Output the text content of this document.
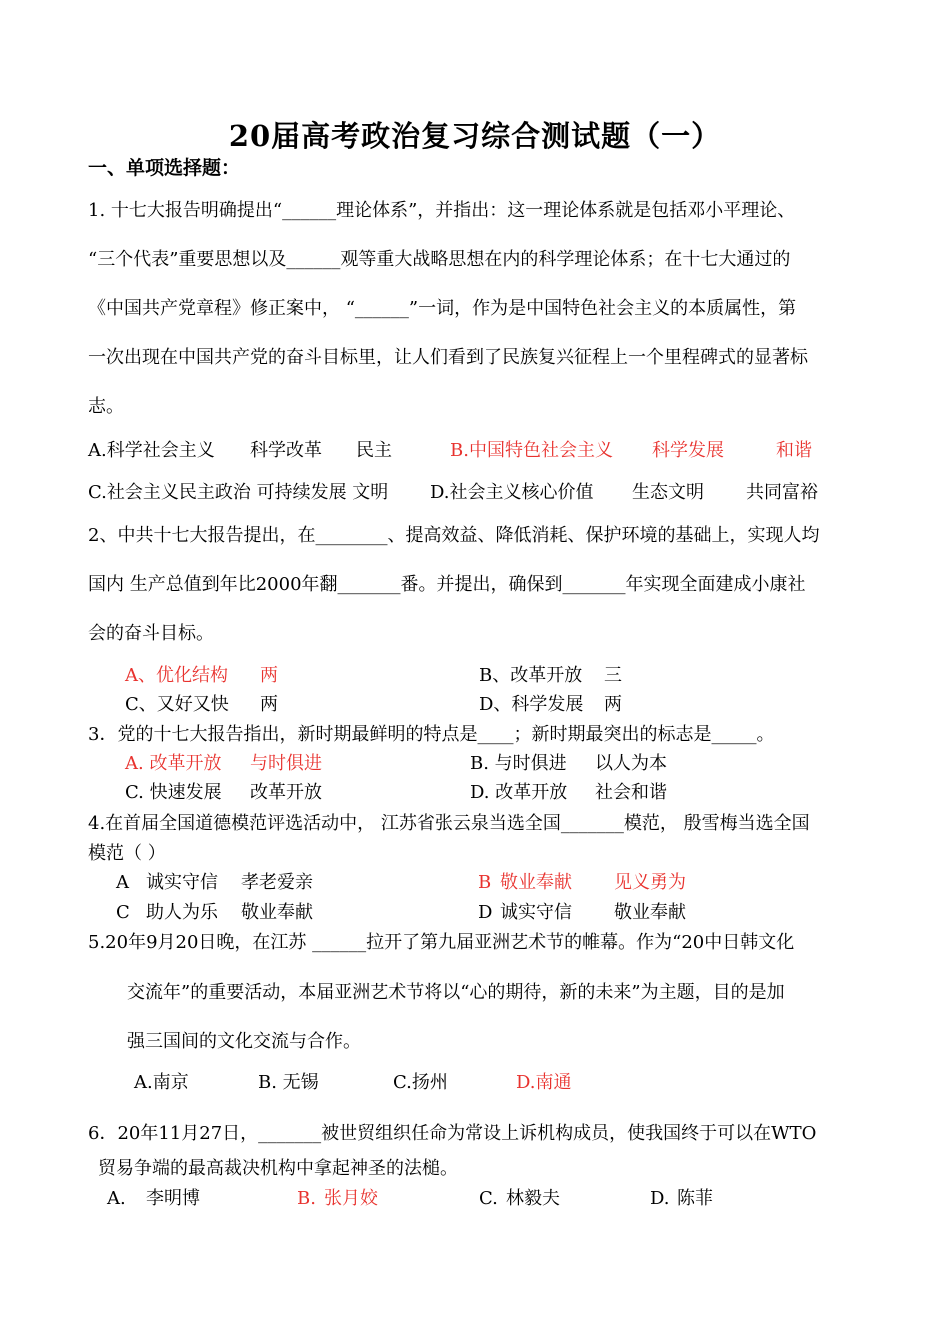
20届高考政治复习综合测试题（一）
一、单项选择题：
1. 十七大报告明确提出“______理论体系”，并指出：这一理论体系就是包括邓小平理论、
“三个代表”重要思想以及______观等重大战略思想在内的科学理论体系；在十七大通过的
《中国共产党章程》修正案中， “______”一词，作为是中国特色社会主义的本质属性，第
一次出现在中国共产党的奋斗目标里，让人们看到了民族复兴征程上一个里程碑式的显著标
志。
A.科学社会主义 科学改革 民主	B.中国特色社会主义 科学发展	和谐
C.社会主义民主政治 可持续发展 文明 D.社会主义核心价值 生态文明 共同富裕
2、中共十七大报告提出，在________、提高效益、降低消耗、保护环境的基础上，实现人均
国内 生产总值到年比2000年翻_______番。并提出，确保到_______年实现全面建成小康社
会的奋斗目标。
A、优化结构 两	B、改革开放 三
C、又好又快 两	D、科学发展 两
3．党的十七大报告指出，新时期最鲜明的特点是____；新时期最突出的标志是_____。
A. 改革开放 与时俱进	B. 与时俱进 以人为本
C. 快速发展 改革开放	D. 改革开放 社会和谐
4.在首届全国道德模范评选活动中， 江苏省张云泉当选全国_______模范， 殷雪梅当选全国
模范（ ）
A 诚实守信 孝老爱亲	B 敬业奉献 见义勇为
C 助人为乐 敬业奉献	D 诚实守信 敬业奉献
5.20年9月20日晚，在江苏 ______拉开了第九届亚洲艺术节的帷幕。作为“20中日韩文化
交流年”的重要活动，本届亚洲艺术节将以“心的期待，新的未来”为主题，目的是加
强三国间的文化交流与合作。
A.南京	B. 无锡	C.扬州	D.南通
6．20年11月27日，_______被世贸组织任命为常设上诉机构成员，使我国终于可以在WTO
贸易争端的最高裁决机构中拿起神圣的法槌。
A. 李明博	B. 张月姣	C. 林毅夫	D. 陈菲
